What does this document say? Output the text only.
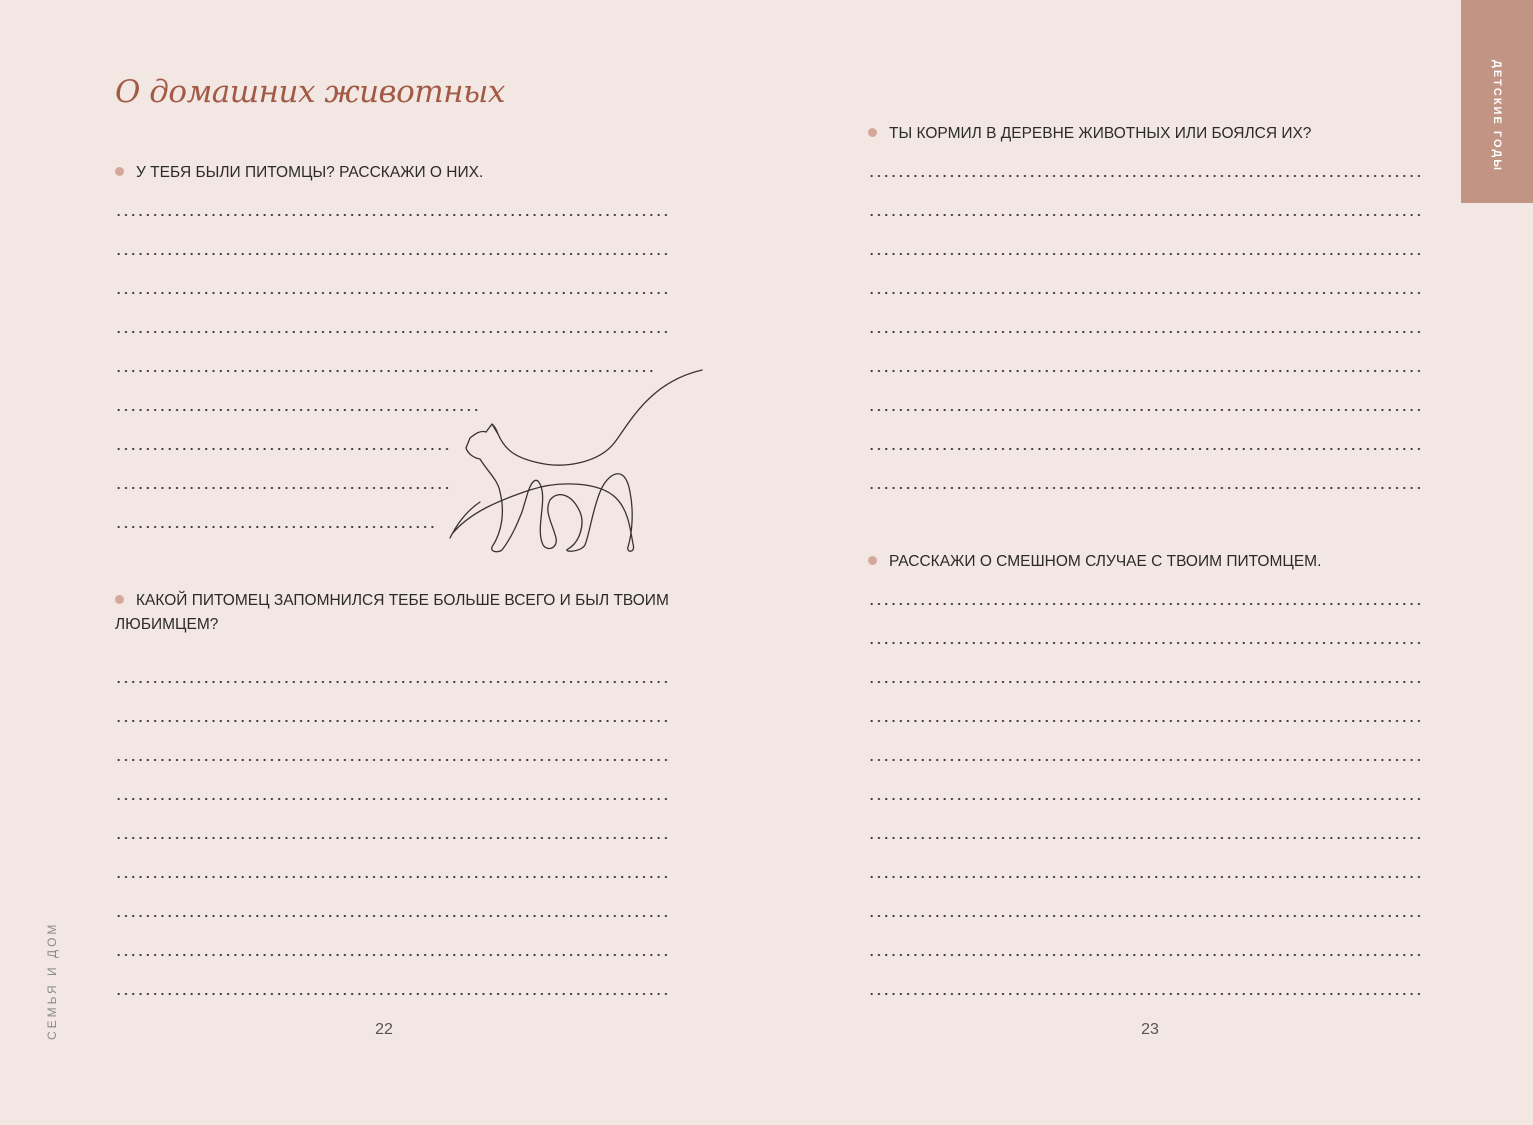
О домашних животных

У ТЕБЯ БЫЛИ ПИТОМЦЫ? РАССКАЖИ О НИХ.

КАКОЙ ПИТОМЕЦ ЗАПОМНИЛСЯ ТЕБЕ БОЛЬШЕ ВСЕГО И БЫЛ ТВОИМ ЛЮБИМЦЕМ?

СЕМЬЯ И ДОМ	22
ДЕТСКИЕ ГОДЫ

ТЫ КОРМИЛ В ДЕРЕВНЕ ЖИВОТНЫХ ИЛИ БОЯЛСЯ ИХ?

РАССКАЖИ О СМЕШНОМ СЛУЧАЕ С ТВОИМ ПИТОМЦЕМ.

23
